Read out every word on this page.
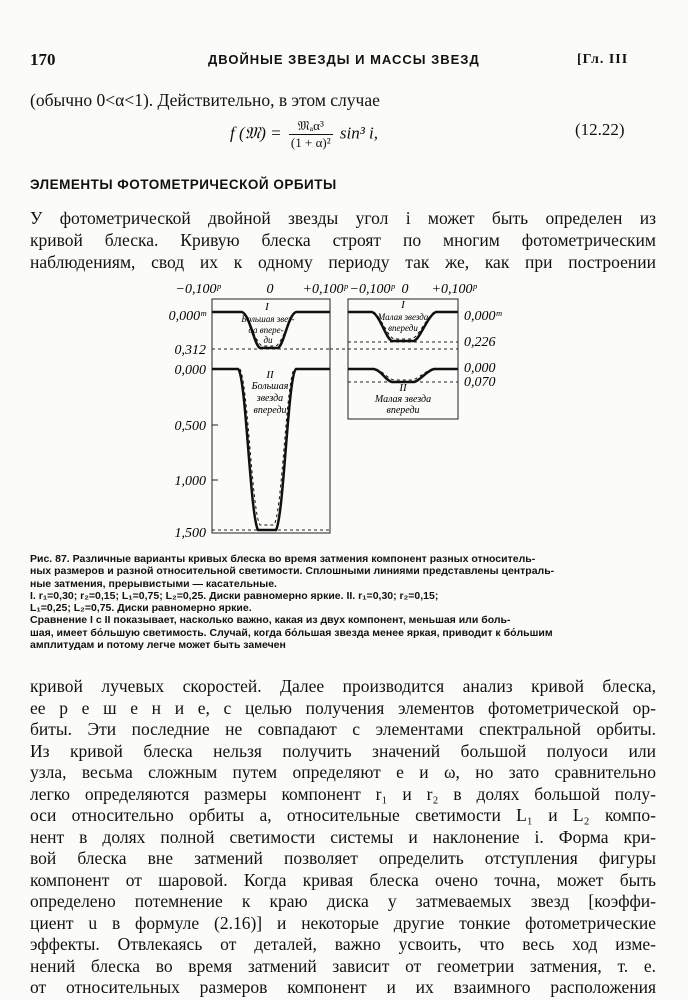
170	ДВОЙНЫЕ ЗВЕЗДЫ И МАССЫ ЗВЕЗД	[Гл. III
(обычно 0<α<1). Действительно, в этом случае
f (𝔐) = $\frac{\text{𝔐ₐα³}}{\text{(1 + α)²}} \sin^3$ i,	(12.22)
ЭЛЕМЕНТЫ ФОТОМЕТРИЧЕСКОЙ ОРБИТЫ

У фотометрической двойной звезды угол i может быть определен из

кривой блеска. Кривую блеска строят по многим фотометрическим

наблюдениям, свод их к одному периоду так же, как при построении

−0,100ᵖ	0 +0,100ᵖ −0,100ᵖ 0 +0,100ᵖ
0,000ᵐ
0,312
0,000
0,500
1,000
1,500
0,000ᵐ
0,226
0,000
0,070
I
Большая звез-
да впере-
ди
I
Малая звезда
впереди
II
Большая
звезда
впереди
II
Малая звезда
впереди

Рис. 87. Различные варианты кривых блеска во время затмения компонент разных относитель-

ных размеров и разной относительной светимости. Сплошными линиями представлены централь-

ные затмения, прерывистыми — касательные.

I. r₁=0,30; r₂=0,15; L₁=0,75; L₂=0,25. Диски равномерно яркие. II. r₁=0,30; r₂=0,15;

L₁=0,25; L₂=0,75. Диски равномерно яркие.

Сравнение I с II показывает, насколько важно, какая из двух компонент, меньшая или боль-

шая, имеет бо́льшую светимость. Случай, когда бо́льшая звезда менее яркая, приводит к бо́льшим

амплитудам и потому легче может быть замечен

кривой лучевых скоростей. Далее производится анализ кривой блеска,

ее р е ш е н и е, с целью получения элементов фотометрической ор-

биты. Эти последние не совпадают с элементами спектральной орбиты.

Из кривой блеска нельзя получить значений большой полуоси или

узла, весьма сложным путем определяют e и ω, но зато сравнительно

легко определяются размеры компонент r₁ и r₂ в долях большой полу-

оси относительно орбиты a, относительные светимости L₁ и L₂ компо-

нент в долях полной светимости системы и наклонение i. Форма кри-

вой блеска вне затмений позволяет определить отступления фигуры

компонент от шаровой. Когда кривая блеска очено точна, может быть

определено потемнение к краю диска у затмеваемых звезд [коэффи-

циент u в формуле (2.16)] и некоторые другие тонкие фотометрические

эффекты. Отвлекаясь от деталей, важно усвоить, что весь ход изме-

нений блеска во время затмений зависит от геометрии затмения, т. е.

от относительных размеров компонент и их взаимного расположения
